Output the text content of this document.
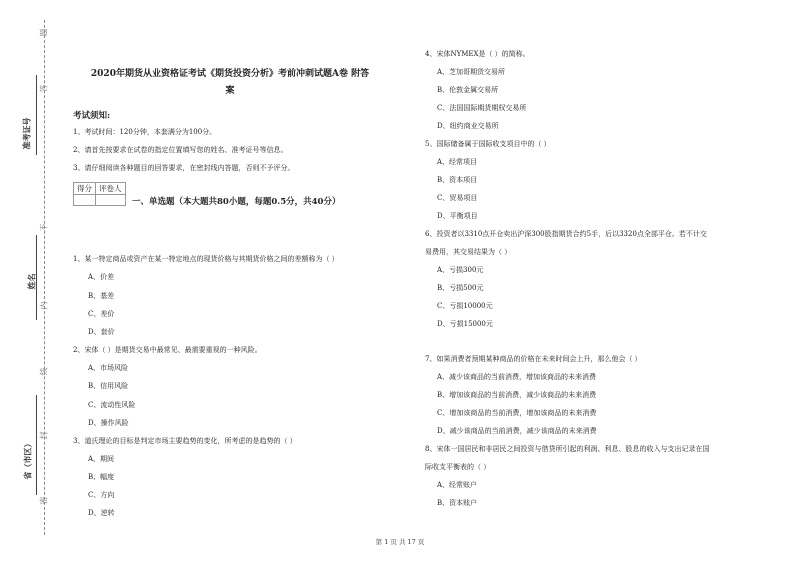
题
答
准考证号
不
姓名
内
线
省（市区）
封
密
2020年期货从业资格证考试《期货投资分析》考前冲刺试题A卷 附答
案
考试须知:
1、考试时间：120分钟，本套满分为100分。
2、请首先按要求在试卷的指定位置填写您的姓名、准考证号等信息。
3、请仔细阅读各种题目的回答要求，在密封线内答题，否则不予评分。
得分	评卷人

一、单选题（本大题共80小题，每题0.5分，共40分）
1、某一特定商品或资产在某一特定地点的现货价格与其期货价格之间的差额称为（ ）
A、价差
B、基差
C、差价
D、套价
2、宋体（ ）是期货交易中最常见、最需要重视的一种风险。
A、市场风险
B、信用风险
C、流动性风险
D、操作风险
3、道氏理论的目标是判定市场主要趋势的变化，所考虑的是趋势的（ ）
A、期间
B、幅度
C、方向
D、逆转
4、宋体NYMEX是（ ）的简称。
A、芝加哥期货交易所
B、伦敦金属交易所
C、法国国际期货期权交易所
D、纽约商业交易所
5、国际储备属于国际收支项目中的（ ）
A、经常项目
B、资本项目
C、贸易项目
D、平衡项目
6、投资者以3310点开仓卖出沪深300股指期货合约5手，后以3320点全部平仓。若不计交
易费用，其交易结果为（ ）
A、亏损300元
B、亏损500元
C、亏损10000元
D、亏损15000元
7、如果消费者预期某种商品的价格在未来时间会上升，那么他会（ ）
A、减少该商品的当前消费，增加该商品的未来消费
B、增加该商品的当前消费，减少该商品的未来消费
C、增加该商品的当前消费，增加该商品的未来消费
D、减少该商品的当前消费，减少该商品的未来消费
8、宋体一国居民和非居民之间投资与借贷所引起的利润、利息、股息的收入与支出记录在国
际收支平衡表的（ ）
A、经常账户
B、资本账户
第 1 页 共 17 页
